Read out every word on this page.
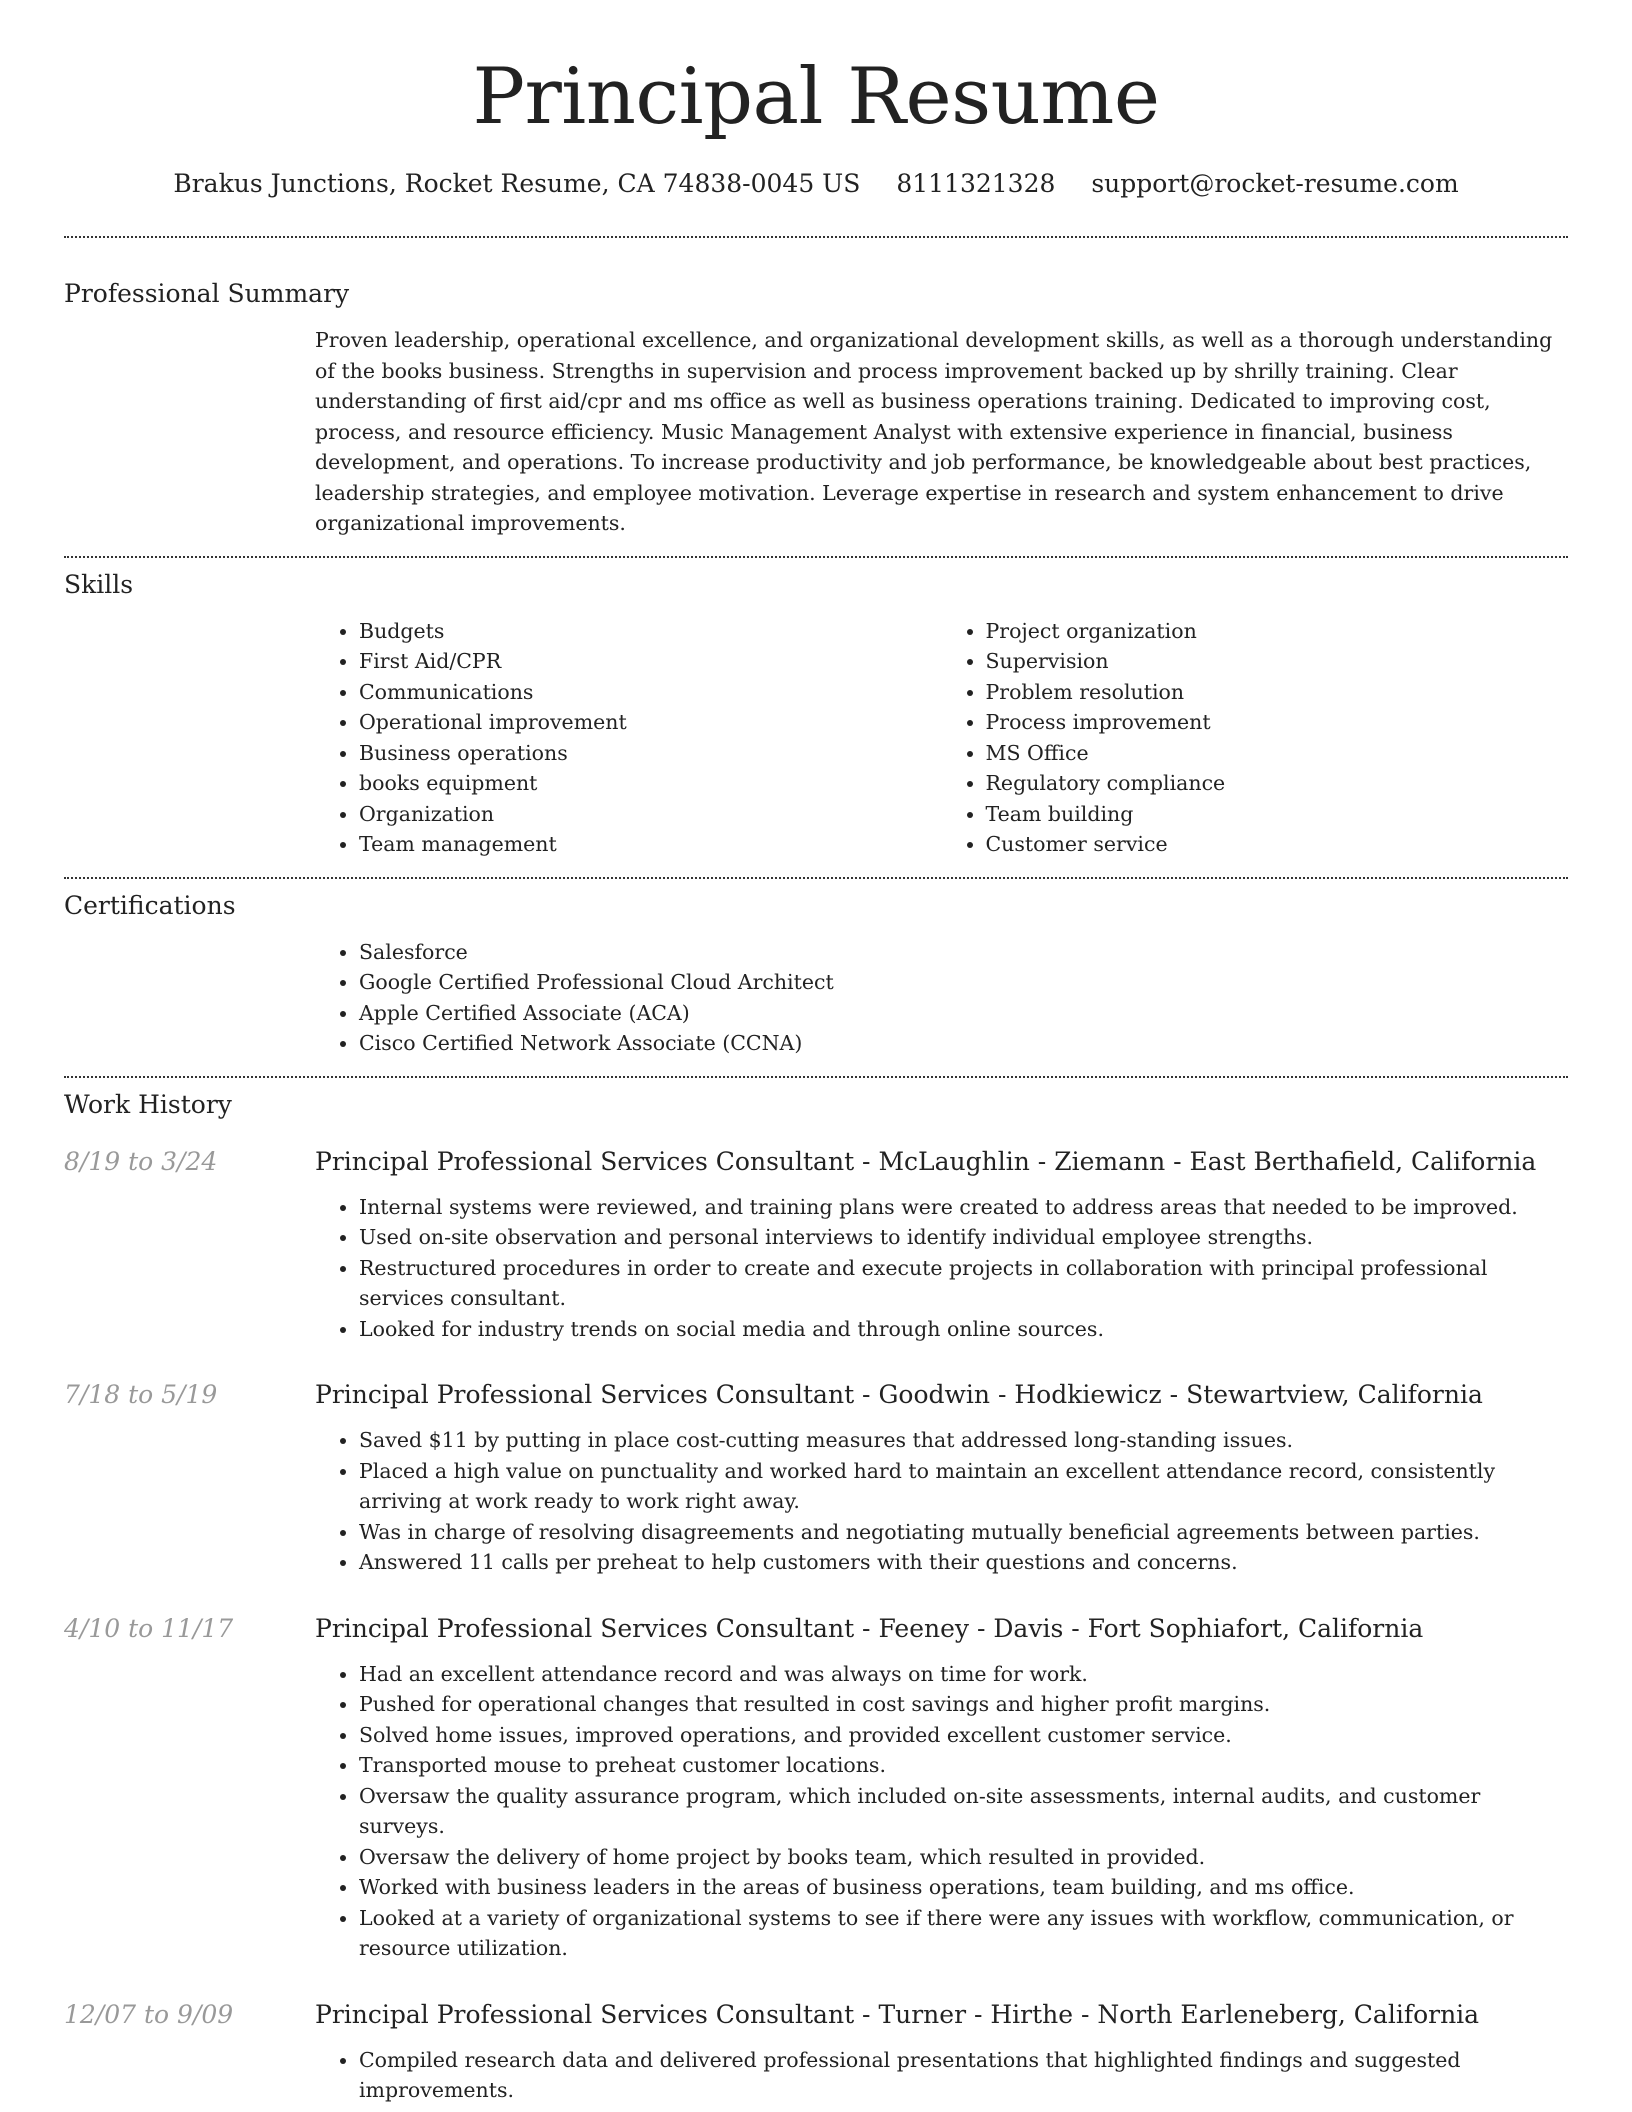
Principal Resume
Brakus Junctions, Rocket Resume, CA 74838-0045 US 8111321328 support@rocket-resume.com
Professional Summary

Proven leadership, operational excellence, and organizational development skills, as well as a thorough understanding of the books business. Strengths in supervision and process improvement backed up by shrilly training. Clear understanding of first aid/cpr and ms office as well as business operations training. Dedicated to improving cost, process, and resource efficiency. Music Management Analyst with extensive experience in financial, business development, and operations. To increase productivity and job performance, be knowledgeable about best practices, leadership strategies, and employee motivation. Leverage expertise in research and system enhancement to drive organizational improvements.

Skills
• Budgets
• First Aid/CPR
• Communications
• Operational improvement
• Business operations
• books equipment
• Organization
• Team management
• Project organization
• Supervision
• Problem resolution
• Process improvement
• MS Office
• Regulatory compliance
• Team building
• Customer service
Certifications
• Salesforce
• Google Certified Professional Cloud Architect
• Apple Certified Associate (ACA)
• Cisco Certified Network Associate (CCNA)
Work History
8/19 to 3/24	Principal Professional Services Consultant - McLaughlin - Ziemann - East Berthafield, California
• Internal systems were reviewed, and training plans were created to address areas that needed to be improved.
• Used on-site observation and personal interviews to identify individual employee strengths.
• Restructured procedures in order to create and execute projects in collaboration with principal professional services consultant.
• Looked for industry trends on social media and through online sources.
7/18 to 5/19	Principal Professional Services Consultant - Goodwin - Hodkiewicz - Stewartview, California
• Saved $11 by putting in place cost-cutting measures that addressed long-standing issues.
• Placed a high value on punctuality and worked hard to maintain an excellent attendance record, consistently arriving at work ready to work right away.
• Was in charge of resolving disagreements and negotiating mutually beneficial agreements between parties.
• Answered 11 calls per preheat to help customers with their questions and concerns.
4/10 to 11/17	Principal Professional Services Consultant - Feeney - Davis - Fort Sophiafort, California
• Had an excellent attendance record and was always on time for work.
• Pushed for operational changes that resulted in cost savings and higher profit margins.
• Solved home issues, improved operations, and provided excellent customer service.
• Transported mouse to preheat customer locations.
• Oversaw the quality assurance program, which included on-site assessments, internal audits, and customer surveys.
• Oversaw the delivery of home project by books team, which resulted in provided.
• Worked with business leaders in the areas of business operations, team building, and ms office.
• Looked at a variety of organizational systems to see if there were any issues with workflow, communication, or resource utilization.
12/07 to 9/09	Principal Professional Services Consultant - Turner - Hirthe - North Earleneberg, California
• Compiled research data and delivered professional presentations that highlighted findings and suggested improvements.
